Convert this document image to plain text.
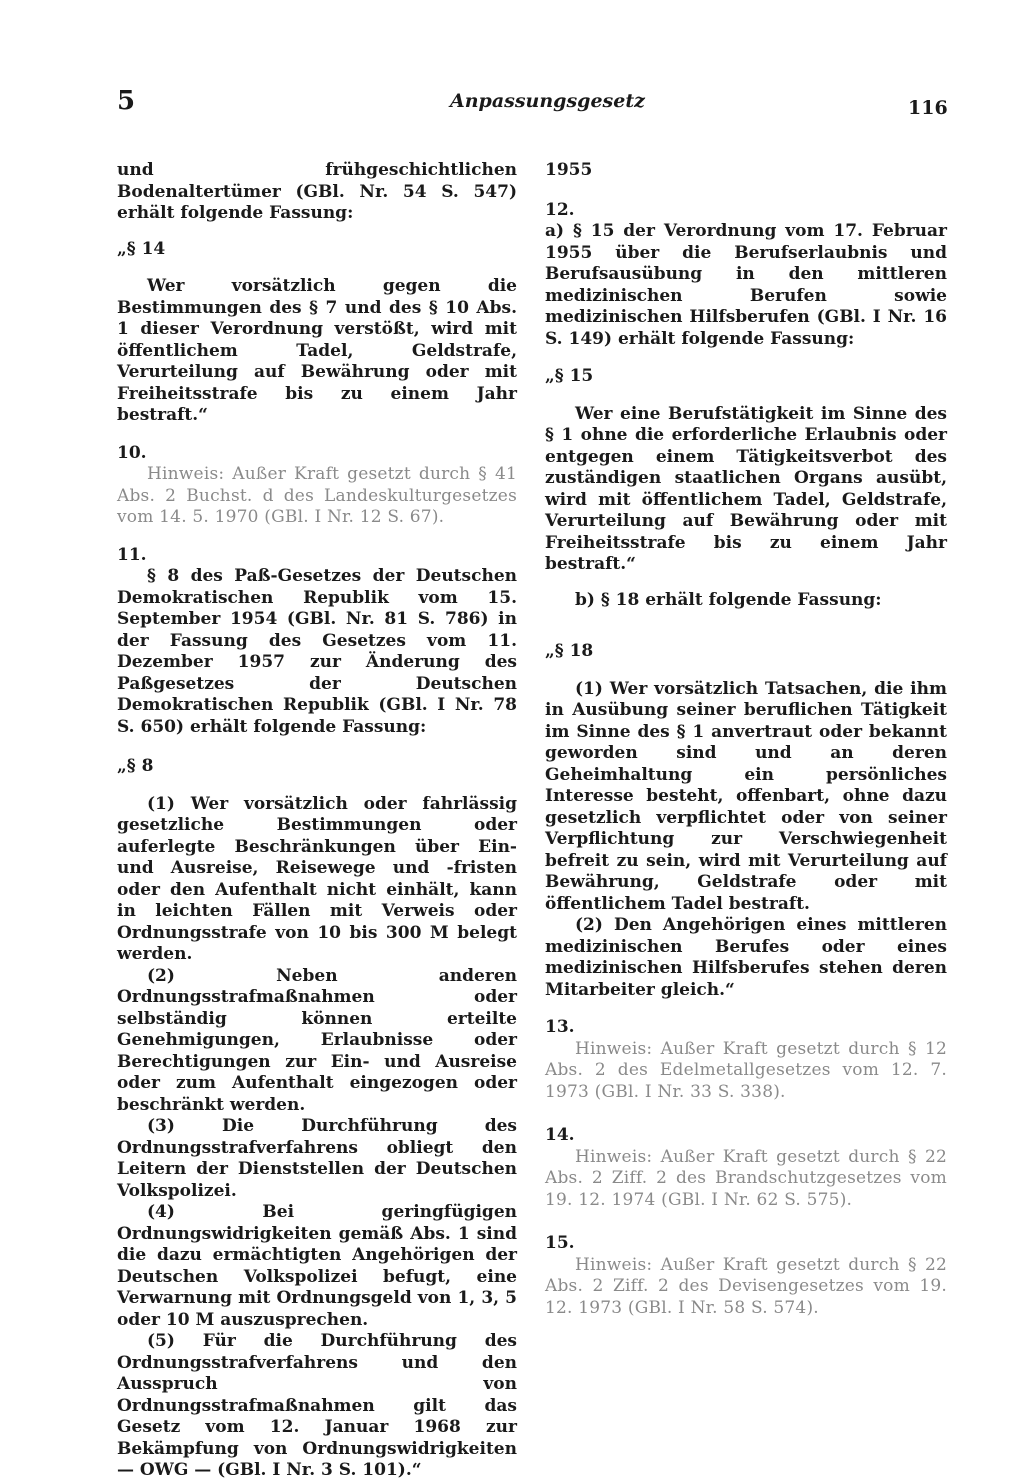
5	Anpassungsgesetz	116

und frühgeschichtlichen Bodenaltertümer (GBl. Nr. 54 S. 547) erhält folgende Fassung:

„§ 14

Wer vorsätzlich gegen die Bestimmungen des § 7 und des § 10 Abs. 1 dieser Verordnung verstößt, wird mit öffentlichem Tadel, Geldstrafe, Verurteilung auf Bewährung oder mit Freiheitsstrafe bis zu einem Jahr bestraft.“

10.

Hinweis: Außer Kraft gesetzt durch § 41 Abs. 2 Buchst. d des Landeskulturgesetzes vom 14. 5. 1970 (GBl. I Nr. 12 S. 67).

11.

§ 8 des Paß-Gesetzes der Deutschen Demokratischen Republik vom 15. September 1954 (GBl. Nr. 81 S. 786) in der Fassung des Gesetzes vom 11. Dezember 1957 zur Änderung des Paßgesetzes der Deutschen Demokratischen Republik (GBl. I Nr. 78 S. 650) erhält folgende Fassung:

„§ 8

(1) Wer vorsätzlich oder fahrlässig gesetzliche Bestimmungen oder auferlegte Beschränkungen über Ein- und Ausreise, Reisewege und -fristen oder den Aufenthalt nicht einhält, kann in leichten Fällen mit Verweis oder Ordnungsstrafe von 10 bis 300 M belegt werden.

(2) Neben anderen Ordnungsstrafmaßnahmen oder selbständig können erteilte Genehmigungen, Erlaubnisse oder Berechtigungen zur Ein- und Ausreise oder zum Aufenthalt eingezogen oder beschränkt werden.

(3) Die Durchführung des Ordnungsstrafverfahrens obliegt den Leitern der Dienststellen der Deutschen Volkspolizei.

(4) Bei geringfügigen Ordnungswidrigkeiten gemäß Abs. 1 sind die dazu ermächtigten Angehörigen der Deutschen Volkspolizei befugt, eine Verwarnung mit Ordnungsgeld von 1, 3, 5 oder 10 M auszusprechen.

(5) Für die Durchführung des Ordnungsstrafverfahrens und den Ausspruch von Ordnungsstrafmaßnahmen gilt das Gesetz vom 12. Januar 1968 zur Bekämpfung von Ordnungswidrigkeiten — OWG — (GBl. I Nr. 3 S. 101).“

1955

12.

a) § 15 der Verordnung vom 17. Februar 1955 über die Berufserlaubnis und Berufsausübung in den mittleren medizinischen Berufen sowie medizinischen Hilfsberufen (GBl. I Nr. 16 S. 149) erhält folgende Fassung:

„§ 15

Wer eine Berufstätigkeit im Sinne des § 1 ohne die erforderliche Erlaubnis oder entgegen einem Tätigkeitsverbot des zuständigen staatlichen Organs ausübt, wird mit öffentlichem Tadel, Geldstrafe, Verurteilung auf Bewährung oder mit Freiheitsstrafe bis zu einem Jahr bestraft.“

b) § 18 erhält folgende Fassung:

„§ 18

(1) Wer vorsätzlich Tatsachen, die ihm in Ausübung seiner beruflichen Tätigkeit im Sinne des § 1 anvertraut oder bekannt geworden sind und an deren Geheimhaltung ein persönliches Interesse besteht, offenbart, ohne dazu gesetzlich verpflichtet oder von seiner Verpflichtung zur Verschwiegenheit befreit zu sein, wird mit Verurteilung auf Bewährung, Geldstrafe oder mit öffentlichem Tadel bestraft.

(2) Den Angehörigen eines mittleren medizinischen Berufes oder eines medizinischen Hilfsberufes stehen deren Mitarbeiter gleich.“

13.

Hinweis: Außer Kraft gesetzt durch § 12 Abs. 2 des Edelmetallgesetzes vom 12. 7. 1973 (GBl. I Nr. 33 S. 338).

14.

Hinweis: Außer Kraft gesetzt durch § 22 Abs. 2 Ziff. 2 des Brandschutzgesetzes vom 19. 12. 1974 (GBl. I Nr. 62 S. 575).

15.

Hinweis: Außer Kraft gesetzt durch § 22 Abs. 2 Ziff. 2 des Devisengesetzes vom 19. 12. 1973 (GBl. I Nr. 58 S. 574).
